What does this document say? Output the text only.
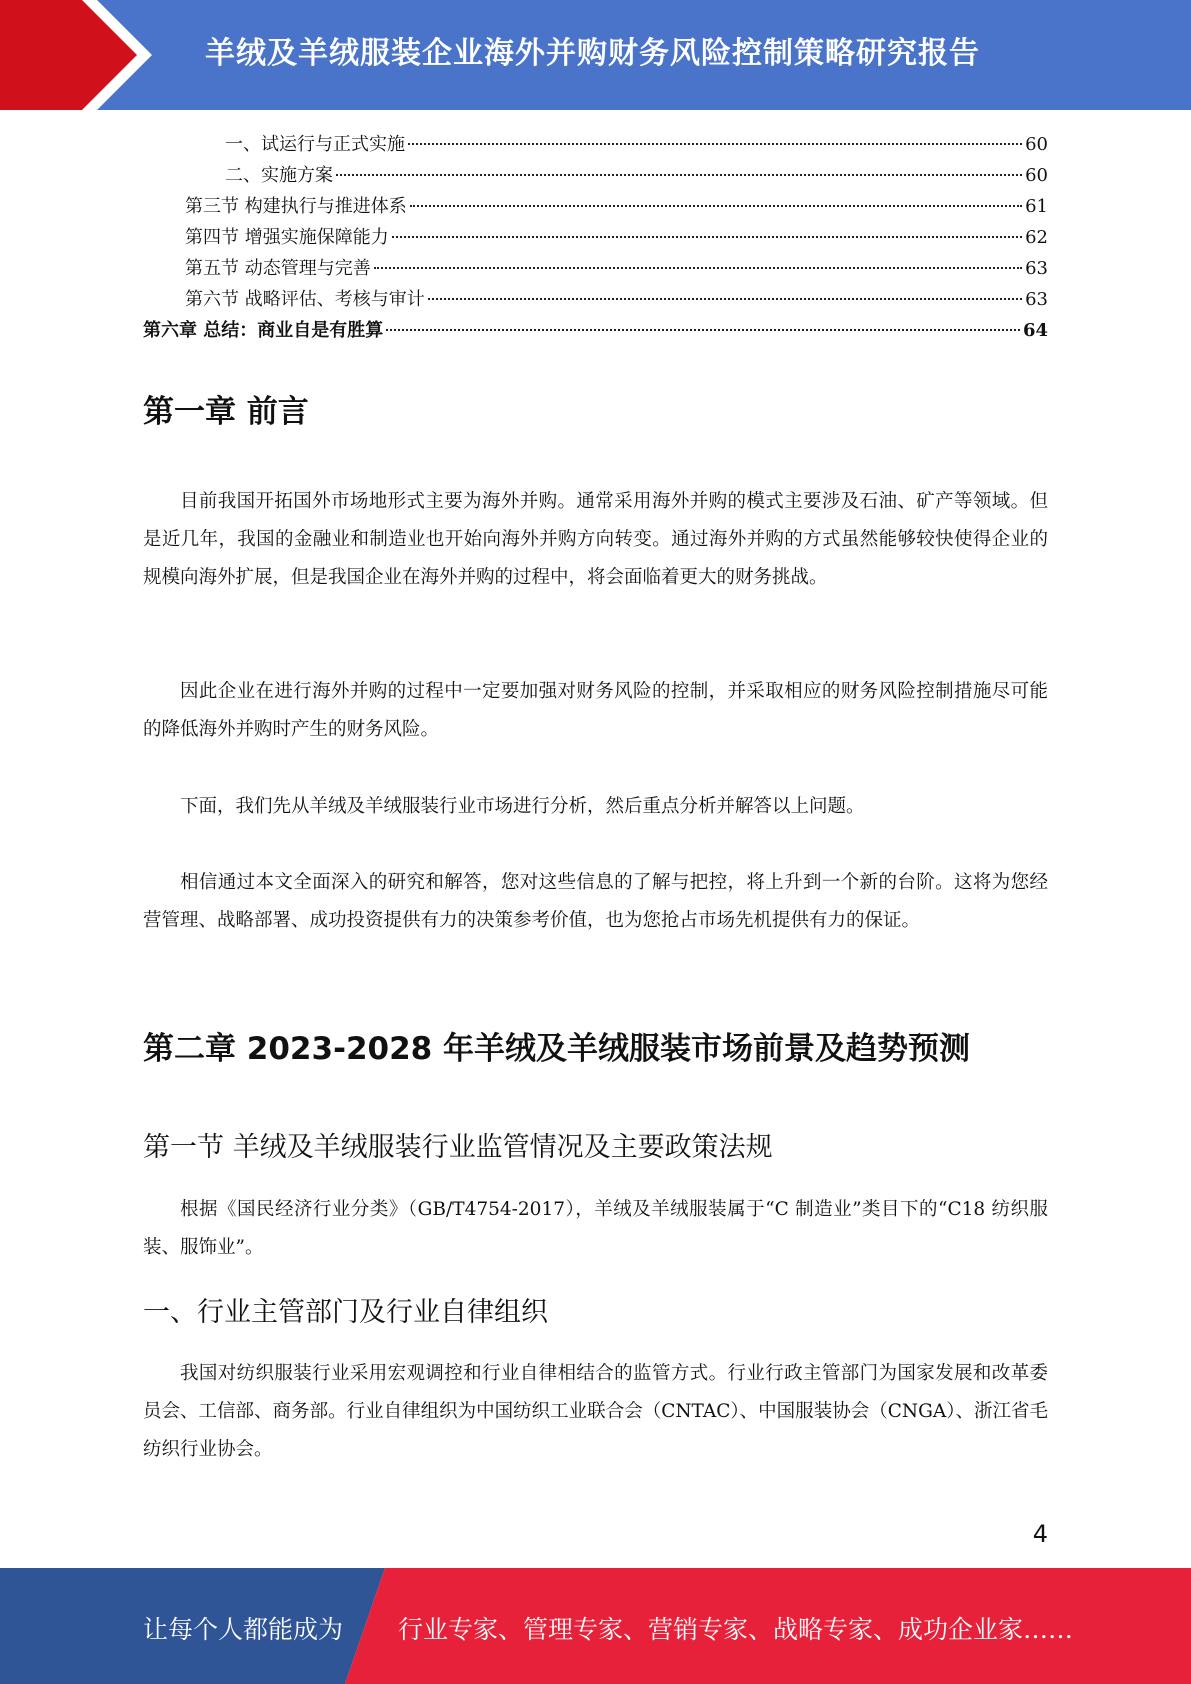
羊绒及羊绒服装企业海外并购财务风险控制策略研究报告
一、试运行与正式实施	60
二、实施方案	60
第三节 构建执行与推进体系	61
第四节 增强实施保障能力	62
第五节 动态管理与完善	63
第六节 战略评估、考核与审计	63
第六章 总结：商业自是有胜算	64
第一章 前言

目前我国开拓国外市场地形式主要为海外并购。通常采用海外并购的模式主要涉及石油、矿产等领域。但是近几年，我国的金融业和制造业也开始向海外并购方向转变。通过海外并购的方式虽然能够较快使得企业的规模向海外扩展，但是我国企业在海外并购的过程中，将会面临着更大的财务挑战。

因此企业在进行海外并购的过程中一定要加强对财务风险的控制，并采取相应的财务风险控制措施尽可能的降低海外并购时产生的财务风险。

下面，我们先从羊绒及羊绒服装行业市场进行分析，然后重点分析并解答以上问题。

相信通过本文全面深入的研究和解答，您对这些信息的了解与把控，将上升到一个新的台阶。这将为您经营管理、战略部署、成功投资提供有力的决策参考价值，也为您抢占市场先机提供有力的保证。

第二章 2023-2028 年羊绒及羊绒服装市场前景及趋势预测
第一节 羊绒及羊绒服装行业监管情况及主要政策法规

根据《国民经济行业分类》（GB/T4754-2017），羊绒及羊绒服装属于“C 制造业”类目下的“C18 纺织服装、服饰业”。

一、行业主管部门及行业自律组织

我国对纺织服装行业采用宏观调控和行业自律相结合的监管方式。行业行政主管部门为国家发展和改革委员会、工信部、商务部。行业自律组织为中国纺织工业联合会（CNTAC）、中国服装协会（CNGA）、浙江省毛纺织行业协会。

4
让每个人都能成为 行业专家、管理专家、营销专家、战略专家、成功企业家……
